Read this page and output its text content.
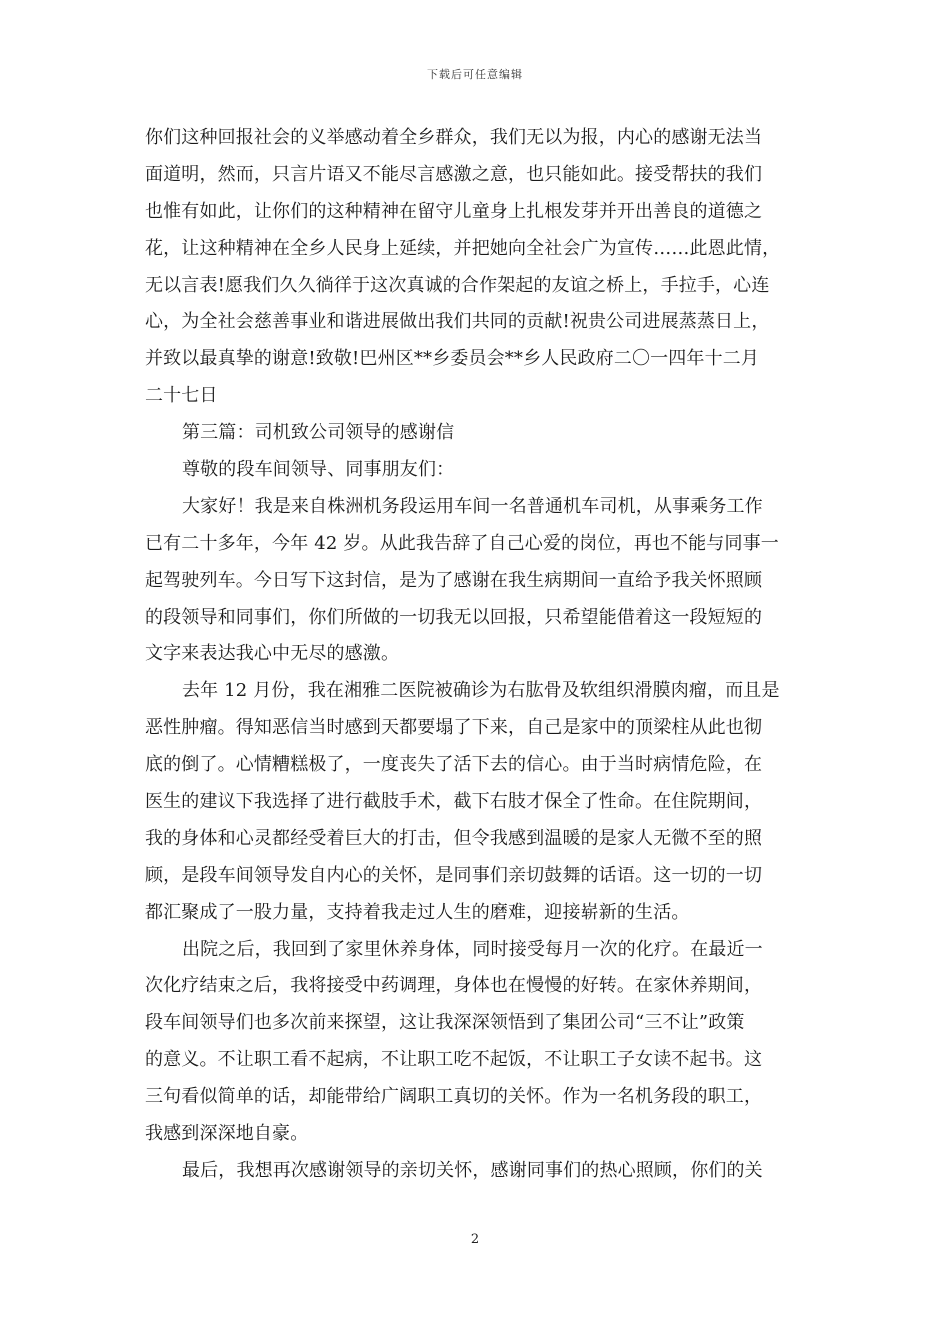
下载后可任意编辑
你们这种回报社会的义举感动着全乡群众，我们无以为报，内心的感谢无法当
面道明，然而，只言片语又不能尽言感激之意，也只能如此。接受帮扶的我们
也惟有如此，让你们的这种精神在留守儿童身上扎根发芽并开出善良的道德之
花，让这种精神在全乡人民身上延续，并把她向全社会广为宣传……此恩此情，
无以言表!愿我们久久徜徉于这次真诚的合作架起的友谊之桥上，手拉手，心连
心，为全社会慈善事业和谐进展做出我们共同的贡献!祝贵公司进展蒸蒸日上，
并致以最真挚的谢意!致敬!巴州区**乡委员会**乡人民政府二〇一四年十二月
二十七日
第三篇：司机致公司领导的感谢信
尊敬的段车间领导、同事朋友们：
大家好！我是来自株洲机务段运用车间一名普通机车司机，从事乘务工作
已有二十多年，今年 42 岁。从此我告辞了自己心爱的岗位，再也不能与同事一
起驾驶列车。今日写下这封信，是为了感谢在我生病期间一直给予我关怀照顾
的段领导和同事们，你们所做的一切我无以回报，只希望能借着这一段短短的
文字来表达我心中无尽的感激。
去年 12 月份，我在湘雅二医院被确诊为右肱骨及软组织滑膜肉瘤，而且是
恶性肿瘤。得知恶信当时感到天都要塌了下来，自己是家中的顶梁柱从此也彻
底的倒了。心情糟糕极了，一度丧失了活下去的信心。由于当时病情危险，在
医生的建议下我选择了进行截肢手术，截下右肢才保全了性命。在住院期间，
我的身体和心灵都经受着巨大的打击，但令我感到温暖的是家人无微不至的照
顾，是段车间领导发自内心的关怀，是同事们亲切鼓舞的话语。这一切的一切
都汇聚成了一股力量，支持着我走过人生的磨难，迎接崭新的生活。
出院之后，我回到了家里休养身体，同时接受每月一次的化疗。在最近一
次化疗结束之后，我将接受中药调理，身体也在慢慢的好转。在家休养期间，
段车间领导们也多次前来探望，这让我深深领悟到了集团公司“三不让”政策
的意义。不让职工看不起病，不让职工吃不起饭，不让职工子女读不起书。这
三句看似简单的话，却能带给广阔职工真切的关怀。作为一名机务段的职工，
我感到深深地自豪。
最后，我想再次感谢领导的亲切关怀，感谢同事们的热心照顾，你们的关
2
